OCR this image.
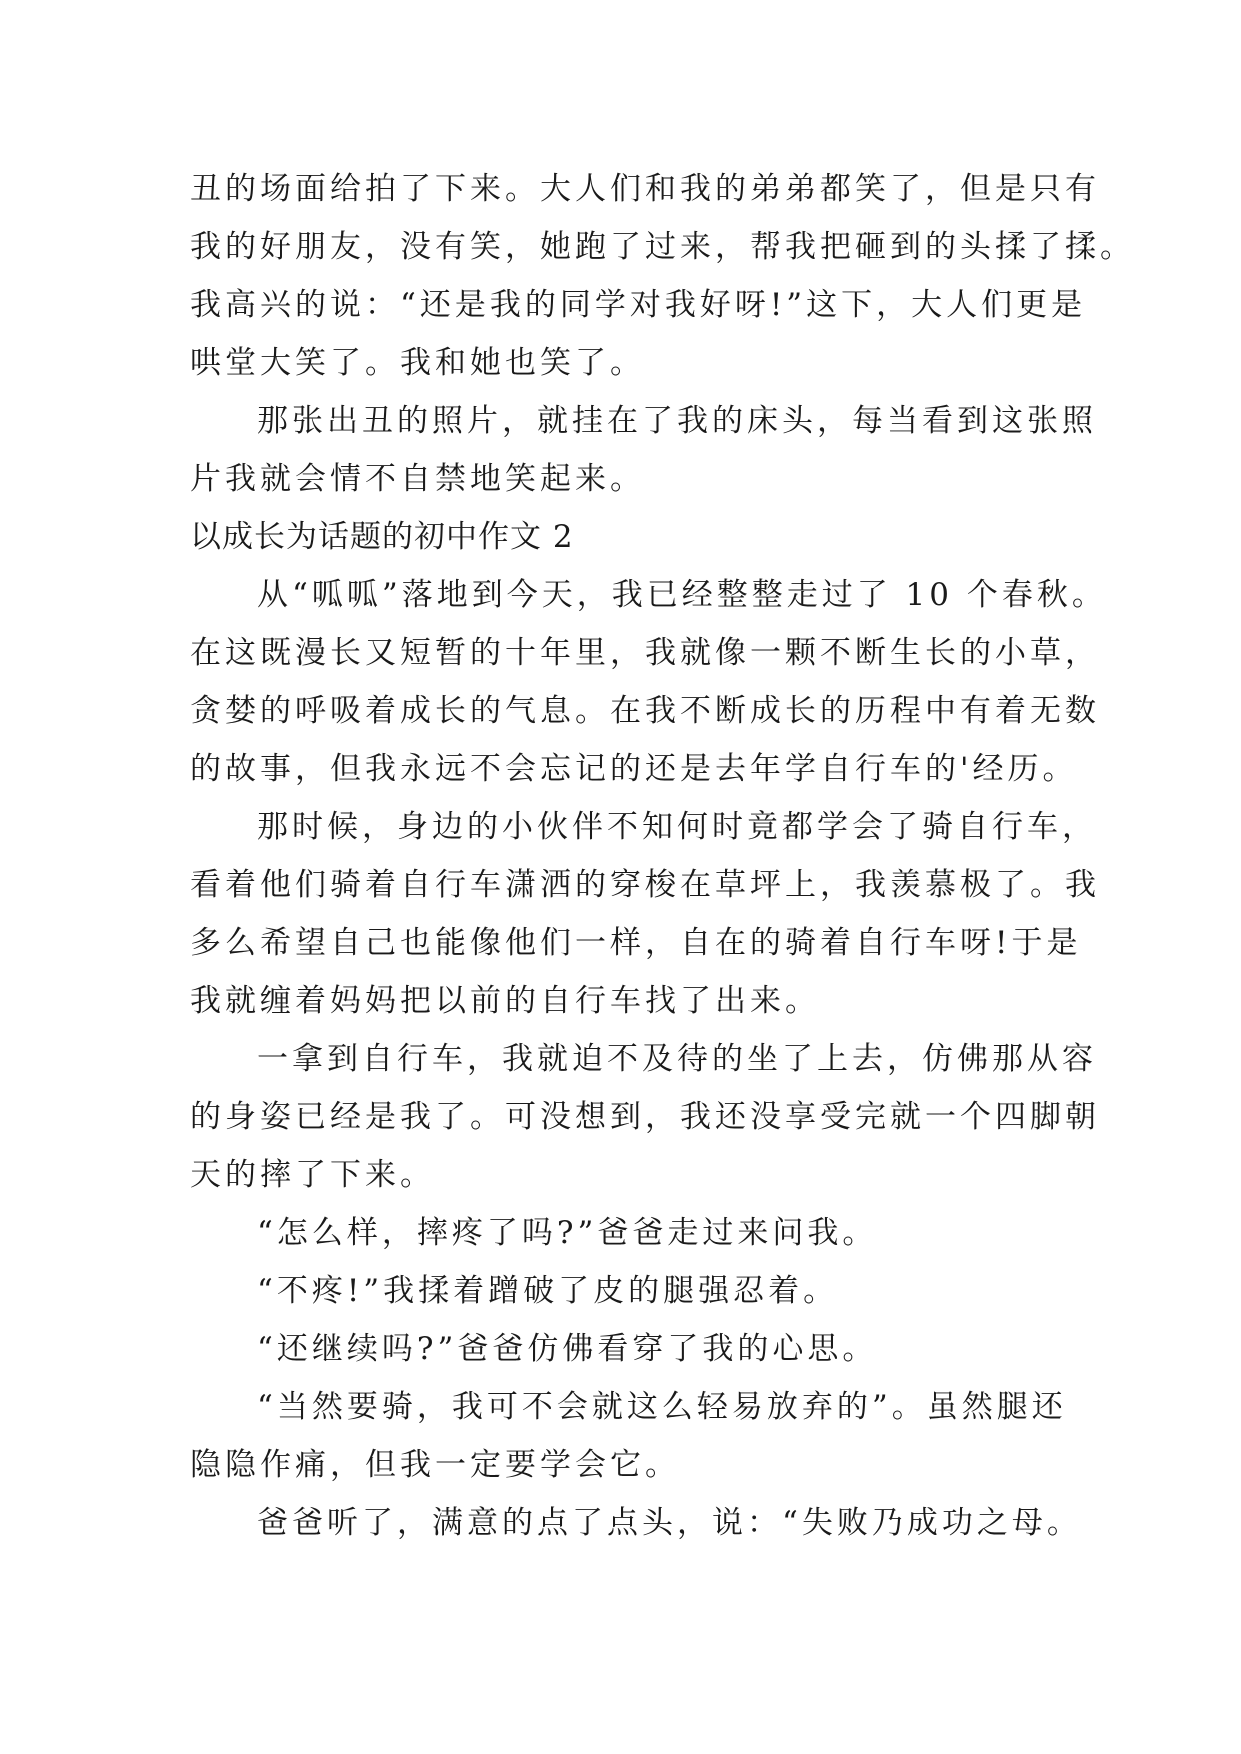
丑的场面给拍了下来。大人们和我的弟弟都笑了，但是只有
我的好朋友，没有笑，她跑了过来，帮我把砸到的头揉了揉。
我高兴的说：“还是我的同学对我好呀!”这下，大人们更是
哄堂大笑了。我和她也笑了。
那张出丑的照片，就挂在了我的床头，每当看到这张照
片我就会情不自禁地笑起来。
以成长为话题的初中作文 2
从“呱呱”落地到今天，我已经整整走过了 10 个春秋。
在这既漫长又短暂的十年里，我就像一颗不断生长的小草，
贪婪的呼吸着成长的气息。在我不断成长的历程中有着无数
的故事，但我永远不会忘记的还是去年学自行车的'经历。
那时候，身边的小伙伴不知何时竟都学会了骑自行车，
看着他们骑着自行车潇洒的穿梭在草坪上，我羡慕极了。我
多么希望自己也能像他们一样，自在的骑着自行车呀!于是
我就缠着妈妈把以前的自行车找了出来。
一拿到自行车，我就迫不及待的坐了上去，仿佛那从容
的身姿已经是我了。可没想到，我还没享受完就一个四脚朝
天的摔了下来。
“怎么样，摔疼了吗?”爸爸走过来问我。
“不疼!”我揉着蹭破了皮的腿强忍着。
“还继续吗?”爸爸仿佛看穿了我的心思。
“当然要骑，我可不会就这么轻易放弃的”。虽然腿还
隐隐作痛，但我一定要学会它。
爸爸听了，满意的点了点头，说：“失败乃成功之母。
